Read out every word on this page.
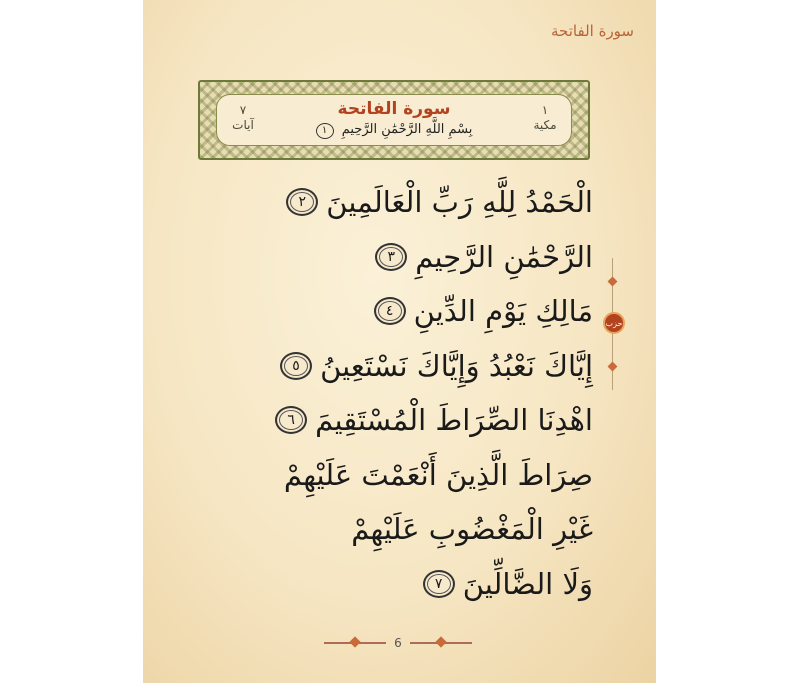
سورة الفاتحة
١
مكية
سورة الفاتحة
بِسْمِ اللَّهِ الرَّحْمَٰنِ الرَّحِيمِ ١
٧
آيات
الْحَمْدُ لِلَّهِ رَبِّ الْعَالَمِينَ
٢
الرَّحْمَٰنِ الرَّحِيمِ
٣
مَالِكِ يَوْمِ الدِّينِ
٤
إِيَّاكَ نَعْبُدُ وَإِيَّاكَ نَسْتَعِينُ
٥
اهْدِنَا الصِّرَاطَ الْمُسْتَقِيمَ
٦
صِرَاطَ الَّذِينَ أَنْعَمْتَ عَلَيْهِمْ
غَيْرِ الْمَغْضُوبِ عَلَيْهِمْ
وَلَا الضَّالِّينَ
٧
حزب
6
